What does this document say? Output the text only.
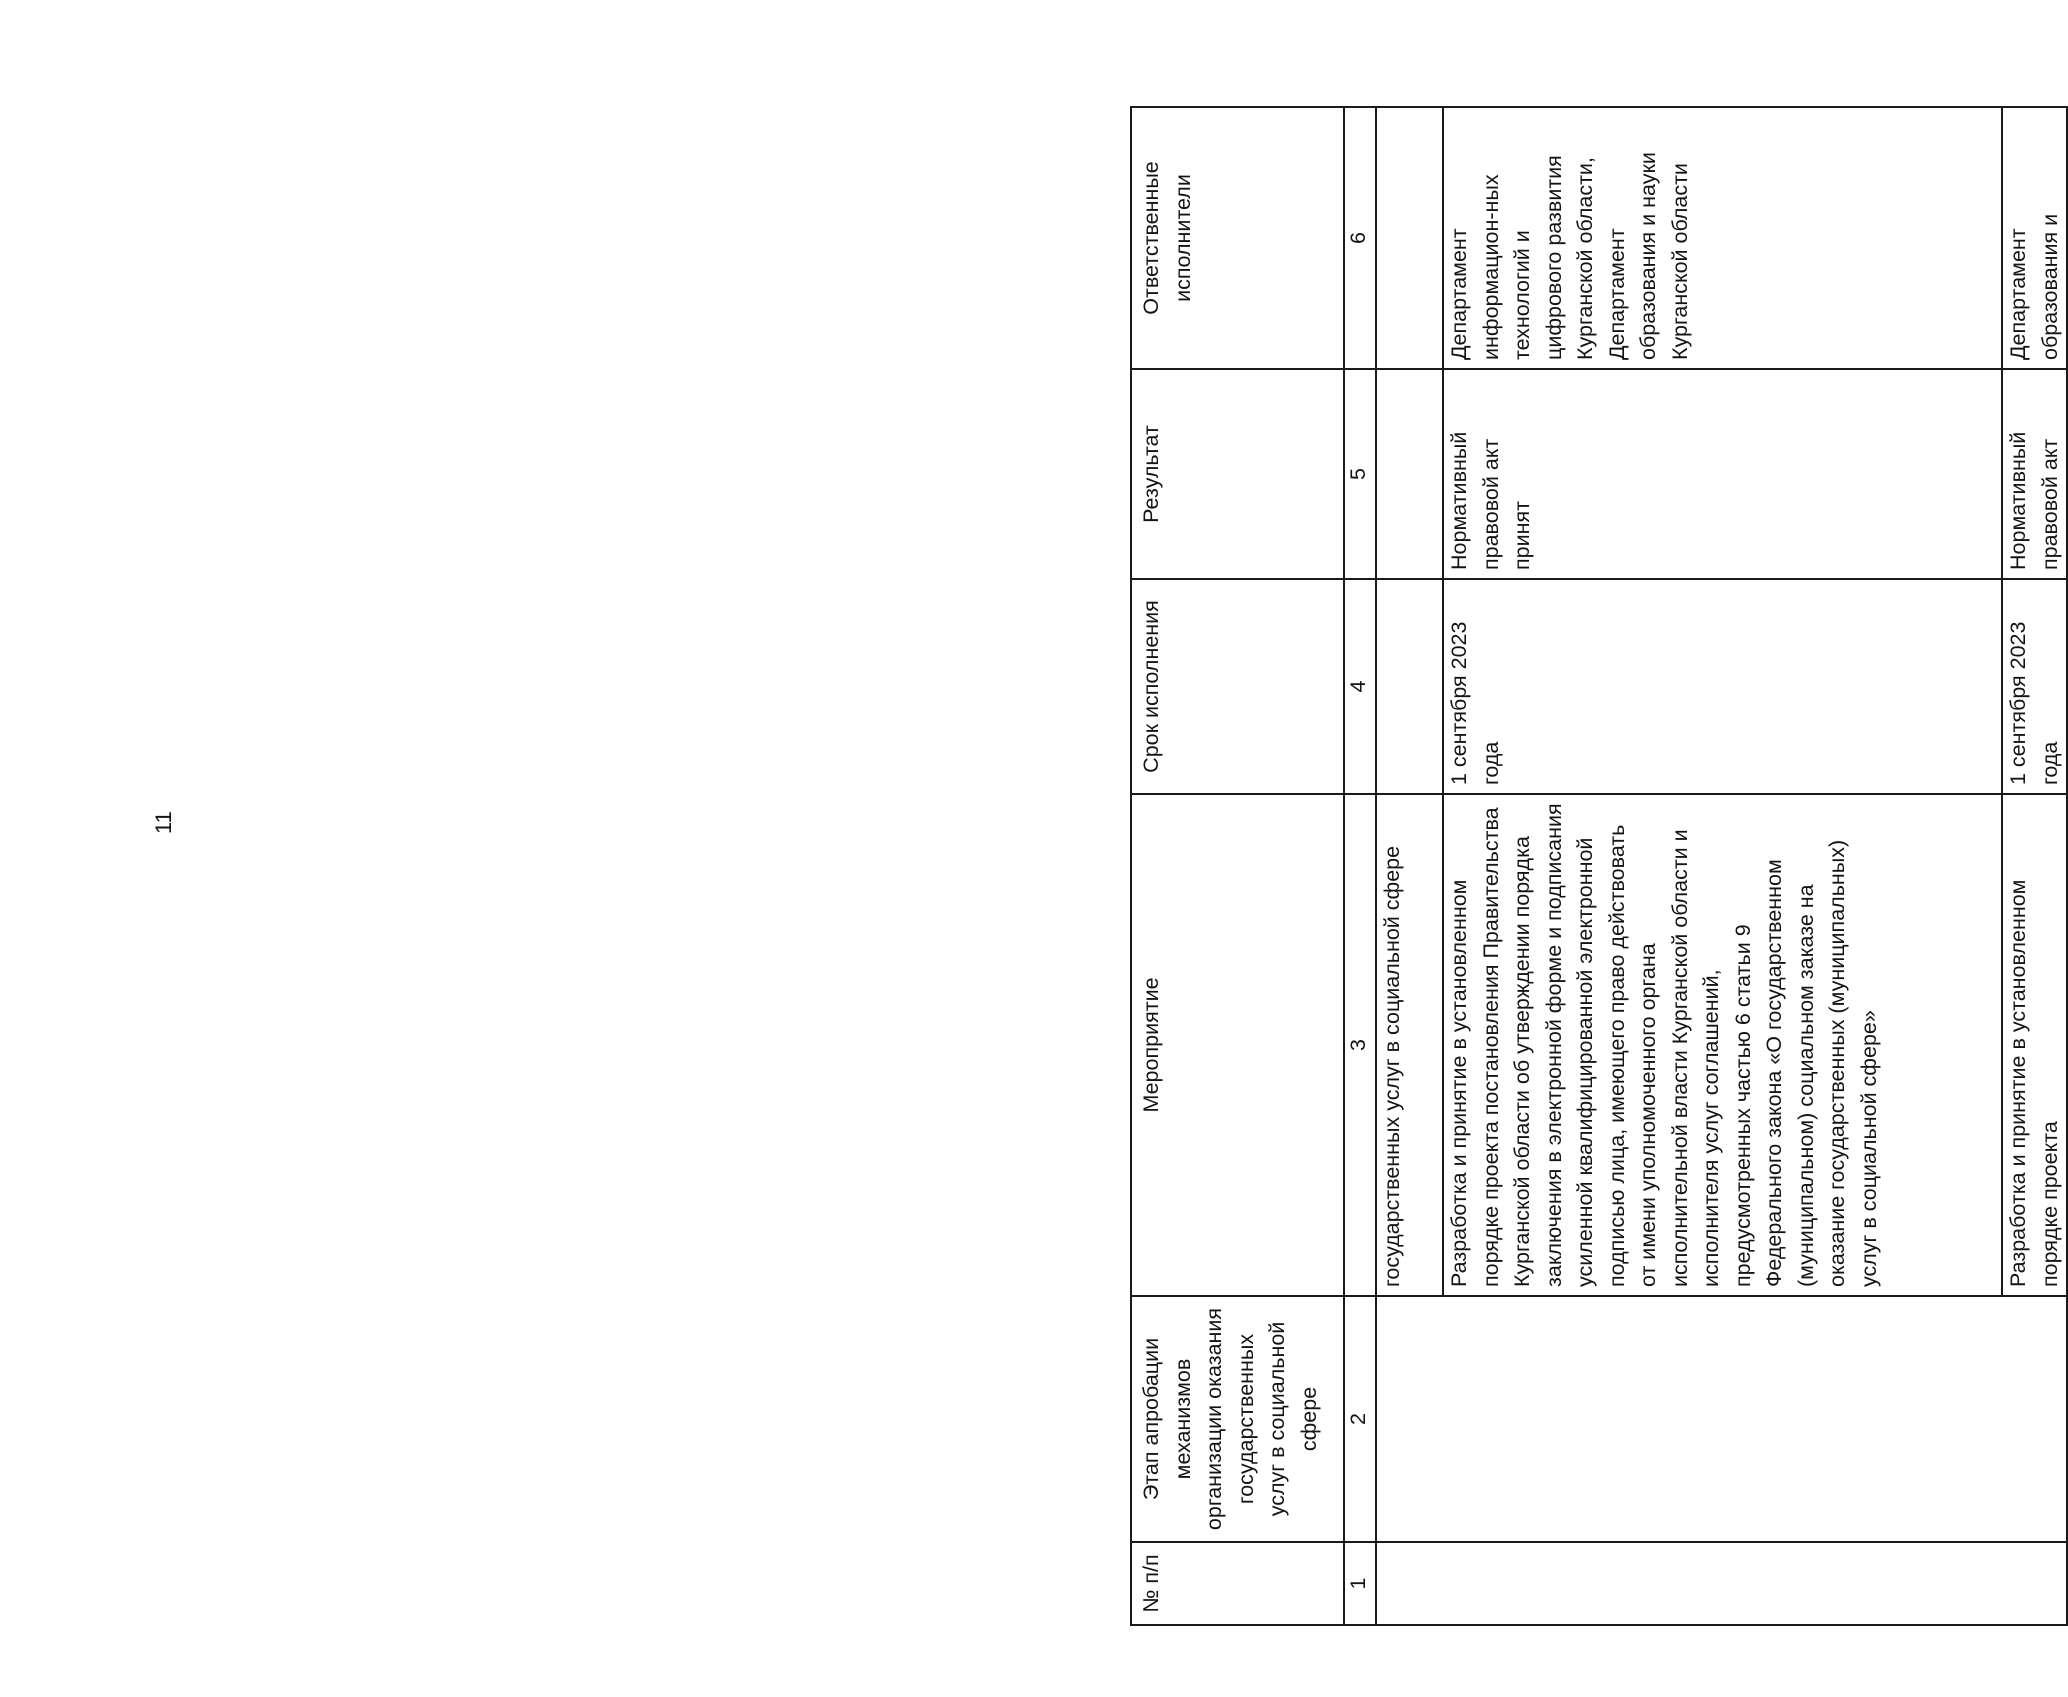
11
№ п/п	Этап апробации механизмов организации оказания государственных услуг в социальной сфере	Мероприятие	Срок исполнения	Результат	Ответственные исполнители
1	2	3	4	5	6
		государственных услуг в социальной сфере			
		Разработка и принятие в установленном порядке проекта постановления Правительства Курганской области об утверждении порядка заключения в электронной форме и подписания усиленной квалифицированной электронной подписью лица, имеющего право действовать от имени уполномоченного органа исполнительной власти Курганской области и исполнителя услуг соглашений, предусмотренных частью 6 статьи 9 Федерального закона «О государственном (муниципальном) социальном заказе на оказание государственных (муниципальных) услуг в социальной сфере»	1 сентября 2023 года	Нормативный правовой акт принят	Департамент информацион-ных технологий и цифрового развития Курганской области, Департамент образования и науки Курганской области
		Разработка и принятие в установленном порядке проекта	1 сентября 2023 года	Нормативный правовой акт	Департамент образования и
